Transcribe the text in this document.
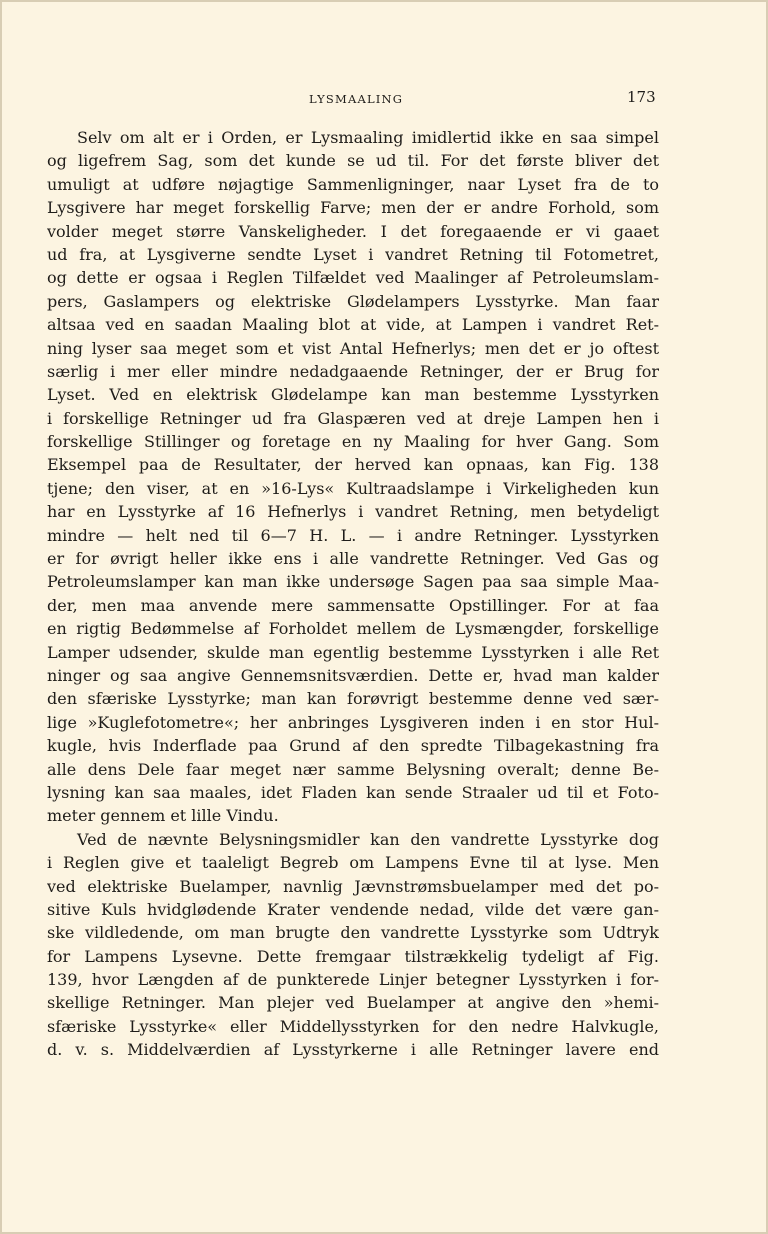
LYSMAALING	173
Selv om alt er i Orden, er Lysmaaling imidlertid ikke en saa simpel
og ligefrem Sag, som det kunde se ud til. For det første bliver det
umuligt at udføre nøjagtige Sammenligninger, naar Lyset fra de to
Lysgivere har meget forskellig Farve; men der er andre Forhold, som
volder meget større Vanskeligheder. I det foregaaende er vi gaaet
ud fra, at Lysgiverne sendte Lyset i vandret Retning til Fotometret,
og dette er ogsaa i Reglen Tilfældet ved Maalinger af Petroleumslam-
pers, Gaslampers og elektriske Glødelampers Lysstyrke. Man faar
altsaa ved en saadan Maaling blot at vide, at Lampen i vandret Ret-
ning lyser saa meget som et vist Antal Hefnerlys; men det er jo oftest
særlig i mer eller mindre nedadgaaende Retninger, der er Brug for
Lyset. Ved en elektrisk Glødelampe kan man bestemme Lysstyrken
i forskellige Retninger ud fra Glaspæren ved at dreje Lampen hen i
forskellige Stillinger og foretage en ny Maaling for hver Gang. Som
Eksempel paa de Resultater, der herved kan opnaas, kan Fig. 138
tjene; den viser, at en »16-Lys« Kultraadslampe i Virkeligheden kun
har en Lysstyrke af 16 Hefnerlys i vandret Retning, men betydeligt
mindre — helt ned til 6—7 H. L. — i andre Retninger. Lysstyrken
er for øvrigt heller ikke ens i alle vandrette Retninger. Ved Gas og
Petroleumslamper kan man ikke undersøge Sagen paa saa simple Maa-
der, men maa anvende mere sammensatte Opstillinger. For at faa
en rigtig Bedømmelse af Forholdet mellem de Lysmængder, forskellige
Lamper udsender, skulde man egentlig bestemme Lysstyrken i alle Ret
ninger og saa angive Gennemsnitsværdien. Dette er, hvad man kalder
den sfæriske Lysstyrke; man kan forøvrigt bestemme denne ved sær-
lige »Kuglefotometre«; her anbringes Lysgiveren inden i en stor Hul-
kugle, hvis Inderflade paa Grund af den spredte Tilbagekastning fra
alle dens Dele faar meget nær samme Belysning overalt; denne Be-
lysning kan saa maales, idet Fladen kan sende Straaler ud til et Foto-
meter gennem et lille Vindu.
Ved de nævnte Belysningsmidler kan den vandrette Lysstyrke dog
i Reglen give et taaleligt Begreb om Lampens Evne til at lyse. Men
ved elektriske Buelamper, navnlig Jævnstrømsbuelamper med det po-
sitive Kuls hvidglødende Krater vendende nedad, vilde det være gan-
ske vildledende, om man brugte den vandrette Lysstyrke som Udtryk
for Lampens Lysevne. Dette fremgaar tilstrækkelig tydeligt af Fig.
139, hvor Længden af de punkterede Linjer betegner Lysstyrken i for-
skellige Retninger. Man plejer ved Buelamper at angive den »hemi-
sfæriske Lysstyrke« eller Middellysstyrken for den nedre Halvkugle,
d. v. s. Middelværdien af Lysstyrkerne i alle Retninger lavere end
